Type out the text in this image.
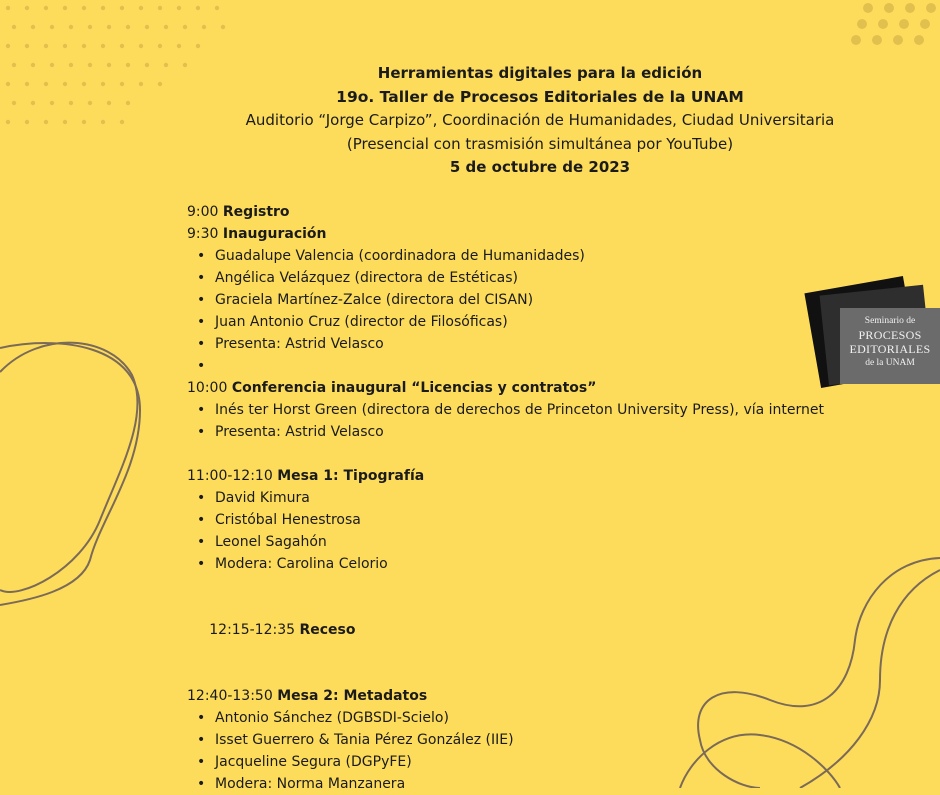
Herramientas digitales para la edición
19o. Taller de Procesos Editoriales de la UNAM
Auditorio “Jorge Carpizo”, Coordinación de Humanidades, Ciudad Universitaria
(Presencial con trasmisión simultánea por YouTube)
5 de octubre de 2023
9:00 Registro
9:30 Inauguración
• Guadalupe Valencia (coordinadora de Humanidades)
• Angélica Velázquez (directora de Estéticas)
• Graciela Martínez-Zalce (directora del CISAN)
• Juan Antonio Cruz (director de Filosóficas)
• Presenta: Astrid Velasco
•
10:00 Conferencia inaugural “Licencias y contratos”
• Inés ter Horst Green (directora de derechos de Princeton University Press), vía internet
• Presenta: Astrid Velasco
11:00-12:10 Mesa 1: Tipografía
• David Kimura
• Cristóbal Henestrosa
• Leonel Sagahón
• Modera: Carolina Celorio

12:15-12:35 Receso

12:40-13:50 Mesa 2: Metadatos
• Antonio Sánchez (DGBSDI-Scielo)
• Isset Guerrero & Tania Pérez González (IIE)
• Jacqueline Segura (DGPyFE)
• Modera: Norma Manzanera
Seminario de
PROCESOS
EDITORIALES
de la UNAM
